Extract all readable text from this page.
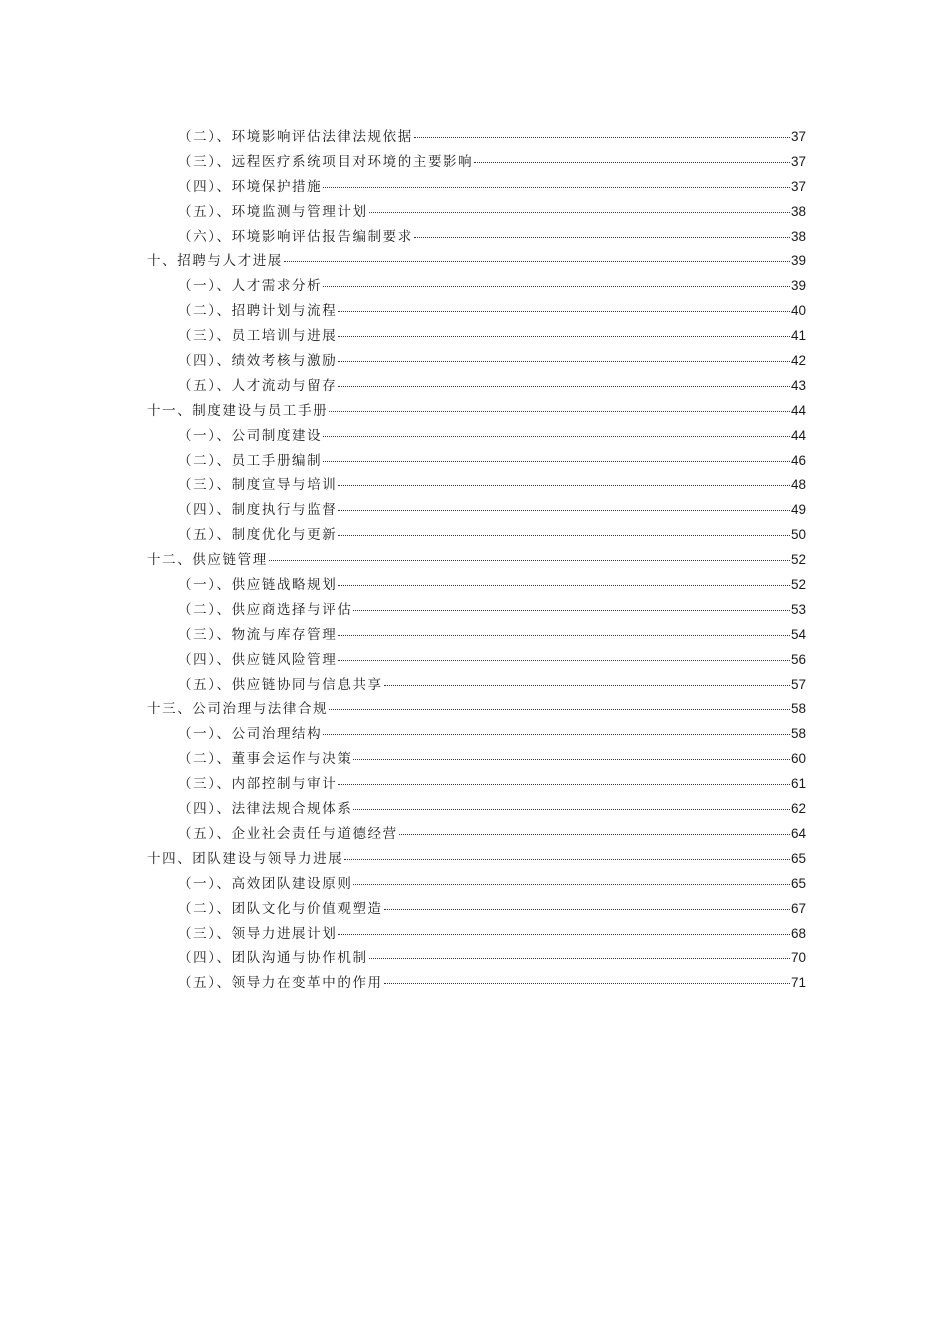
（二）、环境影响评估法律法规依据	37
（三）、远程医疗系统项目对环境的主要影响	37
（四）、环境保护措施	37
（五）、环境监测与管理计划	38
（六）、环境影响评估报告编制要求	38
十、招聘与人才进展	39
（一）、人才需求分析	39
（二）、招聘计划与流程	40
（三）、员工培训与进展	41
（四）、绩效考核与激励	42
（五）、人才流动与留存	43
十一、制度建设与员工手册	44
（一）、公司制度建设	44
（二）、员工手册编制	46
（三）、制度宣导与培训	48
（四）、制度执行与监督	49
（五）、制度优化与更新	50
十二、供应链管理	52
（一）、供应链战略规划	52
（二）、供应商选择与评估	53
（三）、物流与库存管理	54
（四）、供应链风险管理	56
（五）、供应链协同与信息共享	57
十三、公司治理与法律合规	58
（一）、公司治理结构	58
（二）、董事会运作与决策	60
（三）、内部控制与审计	61
（四）、法律法规合规体系	62
（五）、企业社会责任与道德经营	64
十四、团队建设与领导力进展	65
（一）、高效团队建设原则	65
（二）、团队文化与价值观塑造	67
（三）、领导力进展计划	68
（四）、团队沟通与协作机制	70
（五）、领导力在变革中的作用	71
